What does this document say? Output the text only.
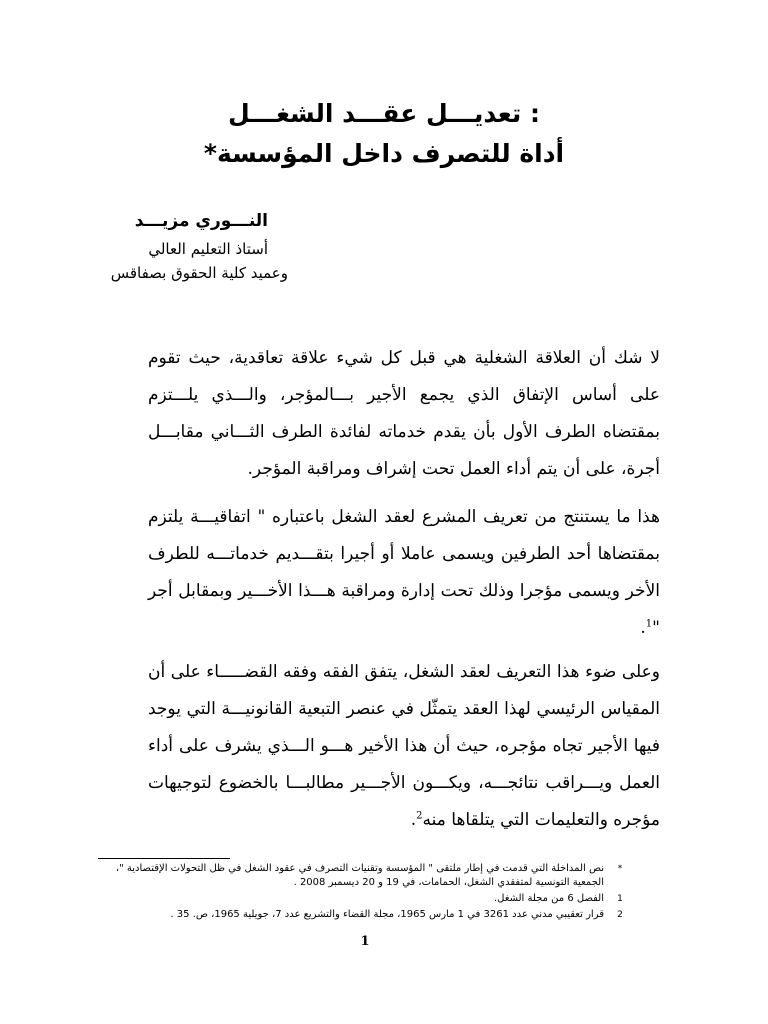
: تعديـــل عقـــد الشغـــل
أداة للتصرف داخل المؤسسة*
النـــوري مزيـــد
أستاذ التعليم العالي
وعميد كلية الحقوق بصفاقس
لا شك أن العلاقة الشغلية هي قبل كل شيء علاقة تعاقدية، حيث تقوم على أساس الإتفاق الذي يجمع الأجير بـــالمؤجر، والـــذي يلـــتزم بمقتضاه الطرف الأول بأن يقدم خدماته لفائدة الطرف الثـــاني مقابـــل أجرة، على أن يتم أداء العمل تحت إشراف ومراقبة المؤجر.
هذا ما يستنتج من تعريف المشرع لعقد الشغل باعتباره " اتفاقيـــة يلتزم بمقتضاها أحد الطرفين ويسمى عاملا أو أجيرا بتقـــديم خدماتـــه للطرف الأخر ويسمى مؤجرا وذلك تحت إدارة ومراقبة هـــذا الأخـــير وبمقابل أجر "$^1$.
وعلى ضوء هذا التعريف لعقد الشغل، يتفق الفقه وفقه القضـــــاء على أن المقياس الرئيسي لهذا العقد يتمثّل في عنصر التبعية القانونيـــة التي يوجد فيها الأجير تجاه مؤجره، حيث أن هذا الأخير هـــو الـــذي يشرف على أداء العمل ويـــراقب نتائجـــه، ويكـــون الأجـــير مطالبـــا بالخضوع لتوجيهات مؤجره والتعليمات التي يتلقاها منه$^2$.
*
نص المداخلة التي قدمت في إطار ملتقى " المؤسسة وتقنيات التصرف في عقود الشغل في ظل التحولات الإقتصادية "، الجمعية التونسية لمتفقدي الشغل، الحمامات، في 19 و 20 ديسمبر 2008 .
1
الفصل 6 من مجلة الشغل.
2
قرار تعقيبي مدني عدد 3261 في 1 مارس 1965، مجلة القضاء والتشريع عدد 7، جويلية 1965، ص. 35 .
1
